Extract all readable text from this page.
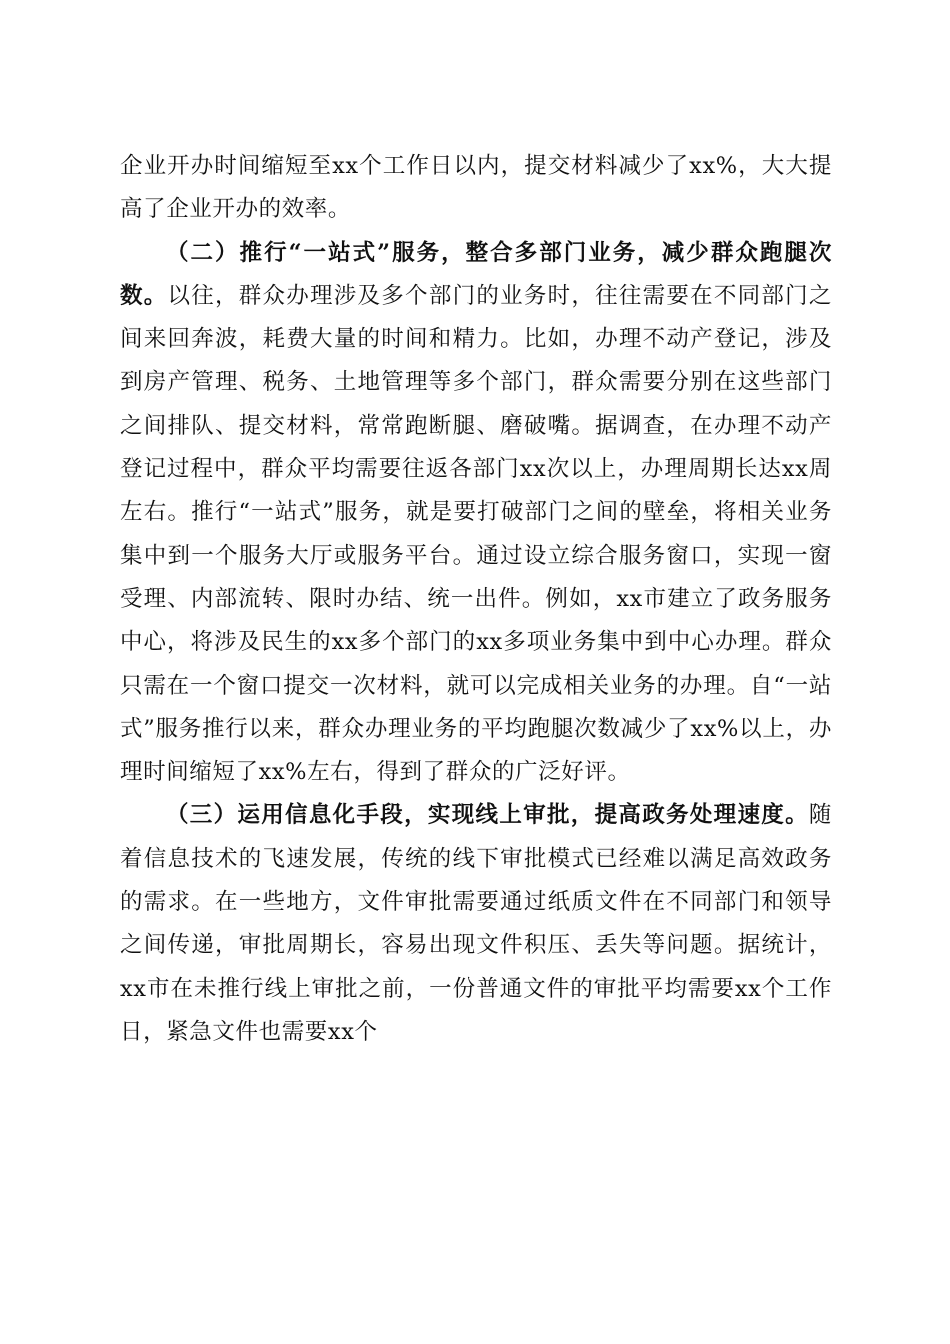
企业开办时间缩短至xx个工作日以内，提交材料减少了xx%，大大提高了企业开办的效率。

（二）推行“一站式”服务，整合多部门业务，减少群众跑腿次数。以往，群众办理涉及多个部门的业务时，往往需要在不同部门之间来回奔波，耗费大量的时间和精力。比如，办理不动产登记，涉及到房产管理、税务、土地管理等多个部门，群众需要分别在这些部门之间排队、提交材料，常常跑断腿、磨破嘴。据调查，在办理不动产登记过程中，群众平均需要往返各部门xx次以上，办理周期长达xx周左右。推行“一站式”服务，就是要打破部门之间的壁垒，将相关业务集中到一个服务大厅或服务平台。通过设立综合服务窗口，实现一窗受理、内部流转、限时办结、统一出件。例如，xx市建立了政务服务中心，将涉及民生的xx多个部门的xx多项业务集中到中心办理。群众只需在一个窗口提交一次材料，就可以完成相关业务的办理。自“一站式”服务推行以来，群众办理业务的平均跑腿次数减少了xx%以上，办理时间缩短了xx%左右，得到了群众的广泛好评。

（三）运用信息化手段，实现线上审批，提高政务处理速度。随着信息技术的飞速发展，传统的线下审批模式已经难以满足高效政务的需求。在一些地方，文件审批需要通过纸质文件在不同部门和领导之间传递，审批周期长，容易出现文件积压、丢失等问题。据统计，xx市在未推行线上审批之前，一份普通文件的审批平均需要xx个工作日，紧急文件也需要xx个
